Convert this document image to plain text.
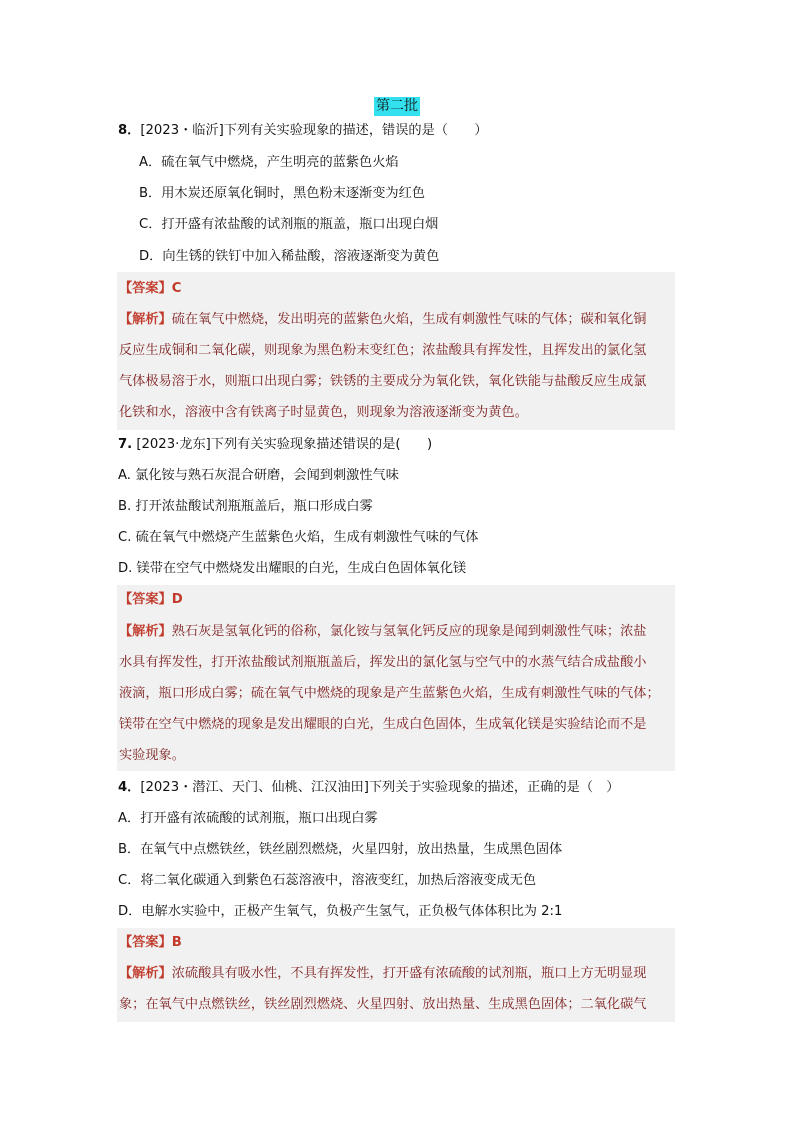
第二批
8．[2023・临沂]下列有关实验现象的描述，错误的是（　　）
A．硫在氧气中燃烧，产生明亮的蓝紫色火焰
B．用木炭还原氧化铜时，黑色粉末逐渐变为红色
C．打开盛有浓盐酸的试剂瓶的瓶盖，瓶口出现白烟
D．向生锈的铁钉中加入稀盐酸，溶液逐渐变为黄色
【答案】C
【解析】硫在氧气中燃烧，发出明亮的蓝紫色火焰，生成有刺激性气味的气体；碳和氧化铜
反应生成铜和二氧化碳，则现象为黑色粉末变红色；浓盐酸具有挥发性，且挥发出的氯化氢
气体极易溶于水，则瓶口出现白雾；铁锈的主要成分为氧化铁，氧化铁能与盐酸反应生成氯
化铁和水，溶液中含有铁离子时显黄色，则现象为溶液逐渐变为黄色。
7. [2023·龙东]下列有关实验现象描述错误的是(　　)
A. 氯化铵与熟石灰混合研磨，会闻到刺激性气味
B. 打开浓盐酸试剂瓶瓶盖后，瓶口形成白雾
C. 硫在氧气中燃烧产生蓝紫色火焰，生成有刺激性气味的气体
D. 镁带在空气中燃烧发出耀眼的白光，生成白色固体氧化镁
【答案】D
【解析】熟石灰是氢氧化钙的俗称，氯化铵与氢氧化钙反应的现象是闻到刺激性气味；浓盐
水具有挥发性，打开浓盐酸试剂瓶瓶盖后，挥发出的氯化氢与空气中的水蒸气结合成盐酸小
液滴，瓶口形成白雾；硫在氧气中燃烧的现象是产生蓝紫色火焰，生成有刺激性气味的气体；
镁带在空气中燃烧的现象是发出耀眼的白光，生成白色固体，生成氧化镁是实验结论而不是
实验现象。
4．[2023・潜江、天门、仙桃、江汉油田]下列关于实验现象的描述，正确的是（　）
A．打开盛有浓硫酸的试剂瓶，瓶口出现白雾
B．在氧气中点燃铁丝，铁丝剧烈燃烧，火星四射，放出热量，生成黑色固体
C．将二氧化碳通入到紫色石蕊溶液中，溶液变红，加热后溶液变成无色
D．电解水实验中，正极产生氧气，负极产生氢气，正负极气体体积比为 2:1
【答案】B
【解析】浓硫酸具有吸水性，不具有挥发性，打开盛有浓硫酸的试剂瓶，瓶口上方无明显现
象；在氧气中点燃铁丝，铁丝剧烈燃烧、火星四射、放出热量、生成黑色固体；二氧化碳气
